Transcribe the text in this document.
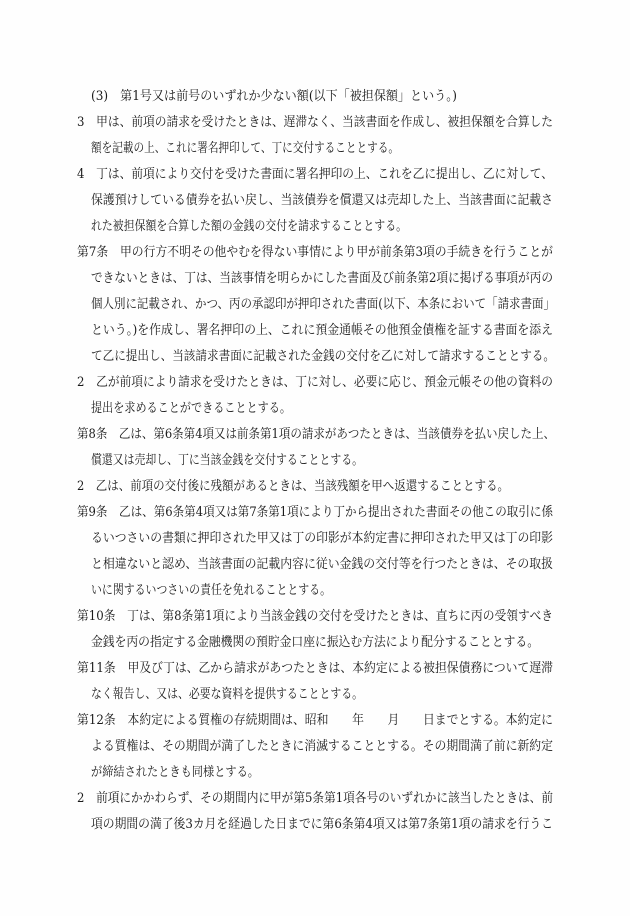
(3)　第1号又は前号のいずれか少ない額(以下「被担保額」という。)
3　甲は、前項の請求を受けたときは、遅滞なく、当該書面を作成し、被担保額を合算した
額を記載の上、これに署名押印して、丁に交付することとする。
4　丁は、前項により交付を受けた書面に署名押印の上、これを乙に提出し、乙に対して、
保護預けしている債券を払い戻し、当該債券を償還又は売却した上、当該書面に記載さ
れた被担保額を合算した額の金銭の交付を請求することとする。
第7条　甲の行方不明その他やむを得ない事情により甲が前条第3項の手続きを行うことが
できないときは、丁は、当該事情を明らかにした書面及び前条第2項に掲げる事項が丙の
個人別に記載され、かつ、丙の承認印が押印された書面(以下、本条において「請求書面」
という。)を作成し、署名押印の上、これに預金通帳その他預金債権を証する書面を添え
て乙に提出し、当該請求書面に記載された金銭の交付を乙に対して請求することとする。
2　乙が前項により請求を受けたときは、丁に対し、必要に応じ、預金元帳その他の資料の
提出を求めることができることとする。
第8条　乙は、第6条第4項又は前条第1項の請求があつたときは、当該債券を払い戻した上、
償還又は売却し、丁に当該金銭を交付することとする。
2　乙は、前項の交付後に残額があるときは、当該残額を甲へ返還することとする。
第9条　乙は、第6条第4項又は第7条第1項により丁から提出された書面その他この取引に係
るいつさいの書類に押印された甲又は丁の印影が本約定書に押印された甲又は丁の印影
と相違ないと認め、当該書面の記載内容に従い金銭の交付等を行つたときは、その取扱
いに関するいつさいの責任を免れることとする。
第10条　丁は、第8条第1項により当該金銭の交付を受けたときは、直ちに丙の受領すべき
金銭を丙の指定する金融機関の預貯金口座に振込む方法により配分することとする。
第11条　甲及び丁は、乙から請求があつたときは、本約定による被担保債務について遅滞
なく報告し、又は、必要な資料を提供することとする。
第12条　本約定による質権の存続期間は、昭和　　年　　月　　日までとする。本約定に
よる質権は、その期間が満了したときに消滅することとする。その期間満了前に新約定
が締結されたときも同様とする。
2　前項にかかわらず、その期間内に甲が第5条第1項各号のいずれかに該当したときは、前
項の期間の満了後3カ月を経過した日までに第6条第4項又は第7条第1項の請求を行うこ
